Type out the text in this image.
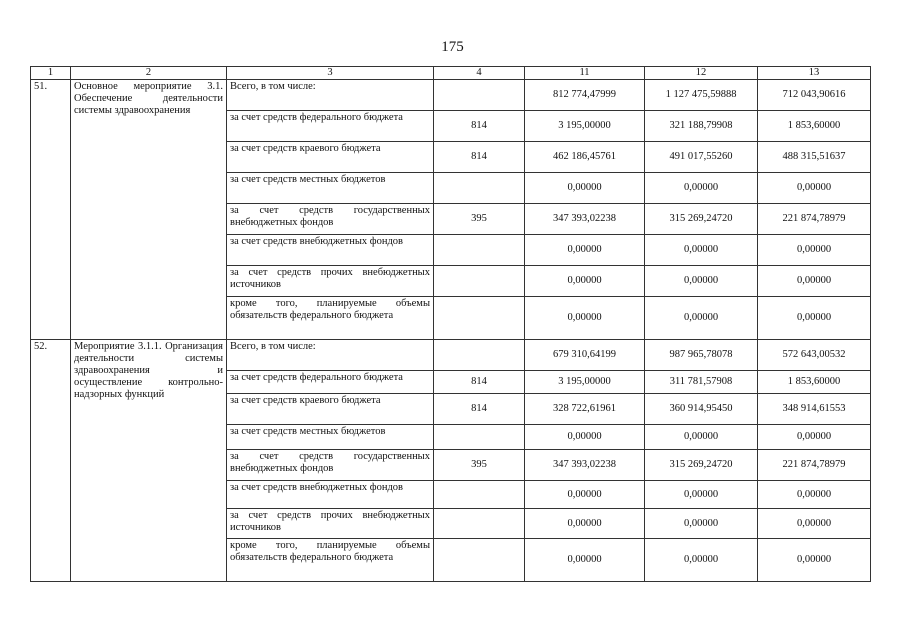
175
1	2	3	4	11	12	13
51.	Основное мероприятие 3.1. Обеспечение деятельности системы здравоохранения	Всего, в том числе:		812 774,47999	1 127 475,59888	712 043,90616
		за счет средств федерального бюджета	814	3 195,00000	321 188,79908	1 853,60000
		за счет средств краевого бюджета	814	462 186,45761	491 017,55260	488 315,51637
		за счет средств местных бюджетов		0,00000	0,00000	0,00000
		за счет средств государственных внебюджетных фондов	395	347 393,02238	315 269,24720	221 874,78979
		за счет средств внебюджетных фондов		0,00000	0,00000	0,00000
		за счет средств прочих внебюджетных источников		0,00000	0,00000	0,00000
		кроме того, планируемые объемы обязательств федерального бюджета		0,00000	0,00000	0,00000
52.	Мероприятие 3.1.1. Организация деятельности системы здравоохранения и осуществление контрольно-надзорных функций	Всего, в том числе:		679 310,64199	987 965,78078	572 643,00532
		за счет средств федерального бюджета	814	3 195,00000	311 781,57908	1 853,60000
		за счет средств краевого бюджета	814	328 722,61961	360 914,95450	348 914,61553
		за счет средств местных бюджетов		0,00000	0,00000	0,00000
		за счет средств государственных внебюджетных фондов	395	347 393,02238	315 269,24720	221 874,78979
		за счет средств внебюджетных фондов		0,00000	0,00000	0,00000
		за счет средств прочих внебюджетных источников		0,00000	0,00000	0,00000
		кроме того, планируемые объемы обязательств федерального бюджета		0,00000	0,00000	0,00000
